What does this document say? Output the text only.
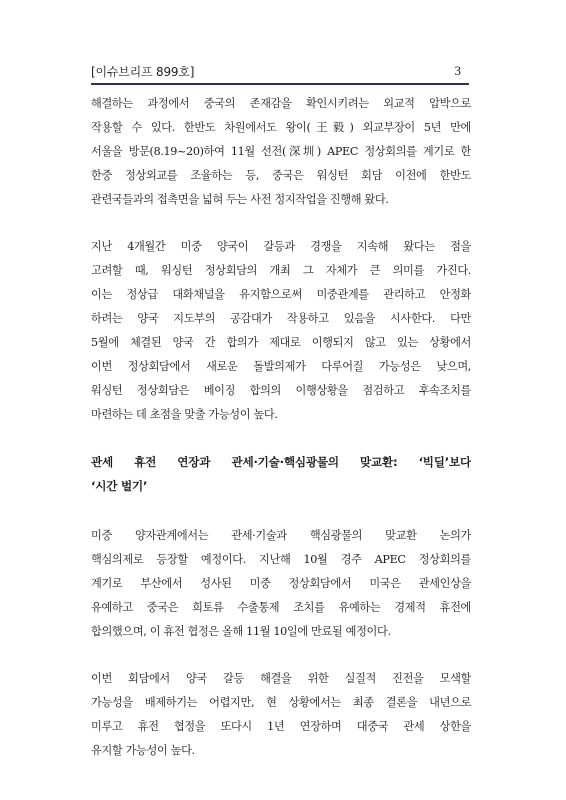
[이슈브리프 899호]	3
해결하는 과정에서 중국의 존재감을 확인시키려는 외교적 압박으로
작용할 수 있다. 한반도 차원에서도 왕이(王毅) 외교부장이 5년 만에
서울을 방문(8.19~20)하여 11월 선전(深圳) APEC 정상회의를 계기로 한
한중 정상외교를 조율하는 등, 중국은 워싱턴 회담 이전에 한반도
관련국들과의 접촉면을 넓혀 두는 사전 정지작업을 진행해 왔다.
지난 4개월간 미중 양국이 갈등과 경쟁을 지속해 왔다는 점을
고려할 때, 워싱턴 정상회담의 개최 그 자체가 큰 의미를 가진다.
이는 정상급 대화채널을 유지함으로써 미중관계를 관리하고 안정화
하려는 양국 지도부의 공감대가 작용하고 있음을 시사한다. 다만
5월에 체결된 양국 간 합의가 제대로 이행되지 않고 있는 상황에서
이번 정상회담에서 새로운 돌발의제가 다루어질 가능성은 낮으며,
워싱턴 정상회담은 베이징 합의의 이행상황을 점검하고 후속조치를
마련하는 데 초점을 맞출 가능성이 높다.
관세 휴전 연장과 관세·기술·핵심광물의 맞교환: ‘빅딜’보다
‘시간 벌기’
미중 양자관계에서는 관세·기술과 핵심광물의 맞교환 논의가
핵심의제로 등장할 예정이다. 지난해 10월 경주 APEC 정상회의를
계기로 부산에서 성사된 미중 정상회담에서 미국은 관세인상을
유예하고 중국은 희토류 수출통제 조치를 유예하는 경제적 휴전에
합의했으며, 이 휴전 협정은 올해 11월 10일에 만료될 예정이다.
이번 회담에서 양국 갈등 해결을 위한 실질적 진전을 모색할
가능성을 배제하기는 어렵지만, 현 상황에서는 최종 결론을 내년으로
미루고 휴전 협정을 또다시 1년 연장하며 대중국 관세 상한을
유지할 가능성이 높다.
